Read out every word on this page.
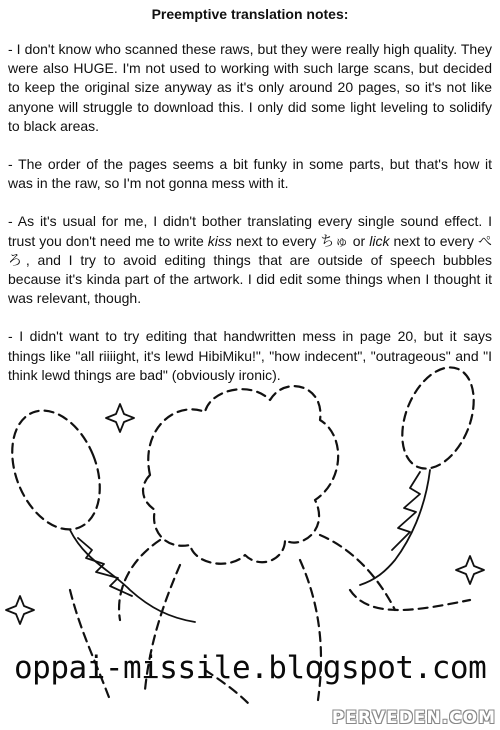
Preemptive translation notes:

- I don't know who scanned these raws, but they were really high quality. They were also HUGE. I'm not used to working with such large scans, but decided to keep the original size anyway as it's only around 20 pages, so it's not like anyone will struggle to download this. I only did some light leveling to solidify to black areas.

- The order of the pages seems a bit funky in some parts, but that's how it was in the raw, so I'm not gonna mess with it.

- As it's usual for me, I didn't bother translating every single sound effect. I trust you don't need me to write kiss next to every ちゅ or lick next to every ぺろ, and I try to avoid editing things that are outside of speech bubbles because it's kinda part of the artwork. I did edit some things when I thought it was relevant, though.

- I didn't want to try editing that handwritten mess in page 20, but it says things like "all riiiight, it's lewd HibiMiku!", "how indecent", "outrageous" and "I think lewd things are bad" (obviously ironic).

oppai-missile.blogspot.com
PERVEDEN.COM
